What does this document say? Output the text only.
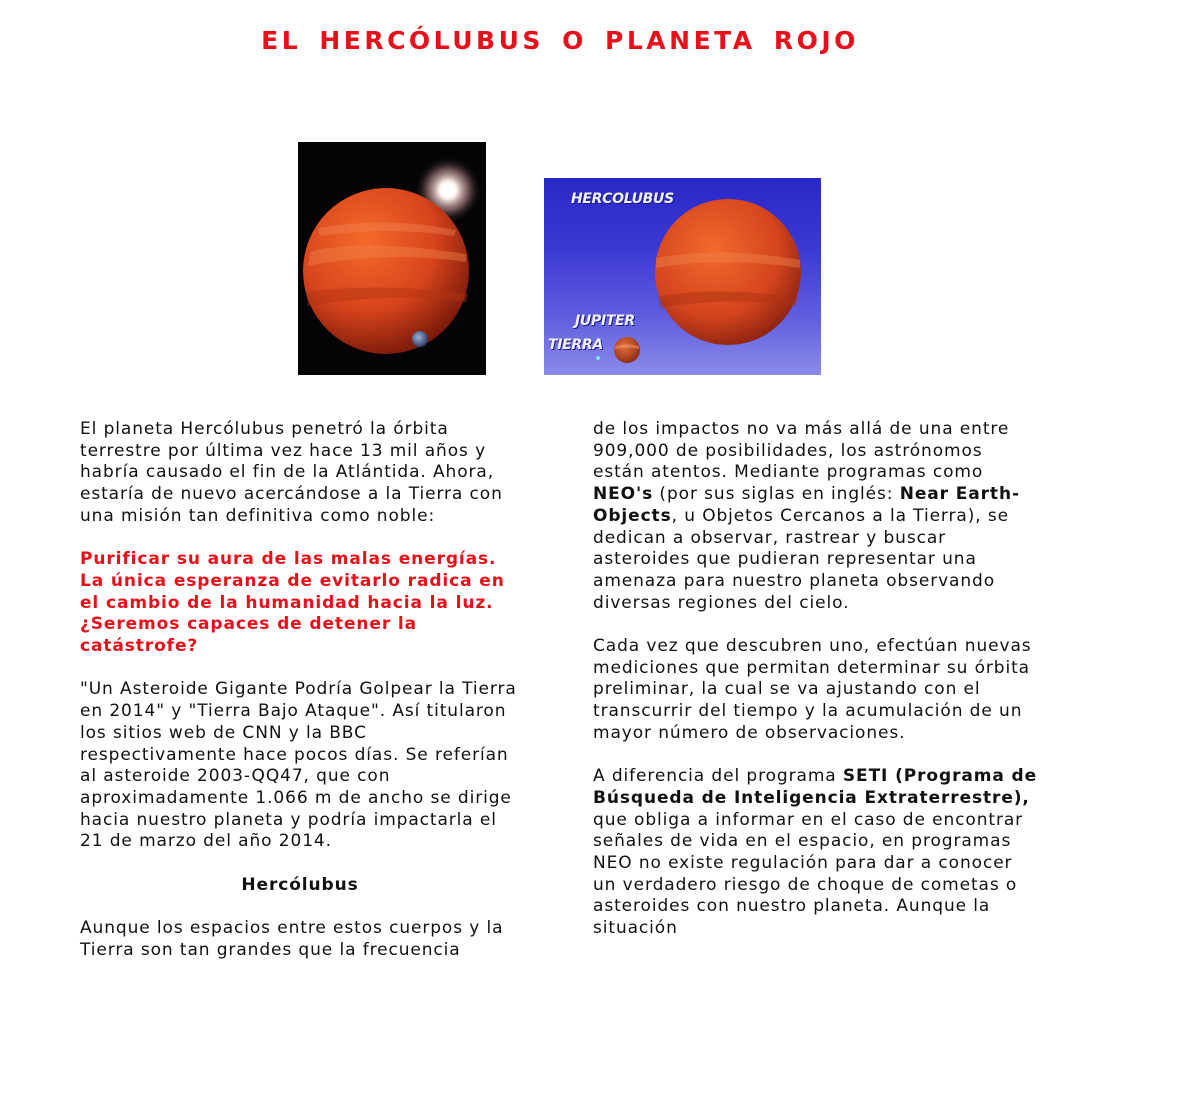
EL HERCÓLUBUS O PLANETA ROJO
HERCOLUBUS
JUPITER
TIERRA

El planeta Hercólubus penetró la órbita terrestre por última vez hace 13 mil años y habría causado el fin de la Atlántida. Ahora, estaría de nuevo acercándose a la Tierra con una misión tan definitiva como noble:

Purificar su aura de las malas energías. La única esperanza de evitarlo radica en el cambio de la humanidad hacia la luz. ¿Seremos capaces de detener la catástrofe?

"Un Asteroide Gigante Podría Golpear la Tierra en 2014" y "Tierra Bajo Ataque". Así titularon los sitios web de CNN y la BBC respectivamente hace pocos días. Se referían al asteroide 2003-QQ47, que con aproximadamente 1.066 m de ancho se dirige hacia nuestro planeta y podría impactarla el 21 de marzo del año 2014.

Hercólubus

Aunque los espacios entre estos cuerpos y la Tierra son tan grandes que la frecuencia

de los impactos no va más allá de una entre 909,000 de posibilidades, los astrónomos están atentos. Mediante programas como NEO's (por sus siglas en inglés: Near Earth-Objects, u Objetos Cercanos a la Tierra), se dedican a observar, rastrear y buscar asteroides que pudieran representar una amenaza para nuestro planeta observando diversas regiones del cielo.

Cada vez que descubren uno, efectúan nuevas mediciones que permitan determinar su órbita preliminar, la cual se va ajustando con el transcurrir del tiempo y la acumulación de un mayor número de observaciones.

A diferencia del programa SETI (Programa de Búsqueda de Inteligencia Extraterrestre), que obliga a informar en el caso de encontrar señales de vida en el espacio, en programas NEO no existe regulación para dar a conocer un verdadero riesgo de choque de cometas o asteroides con nuestro planeta. Aunque la situación
